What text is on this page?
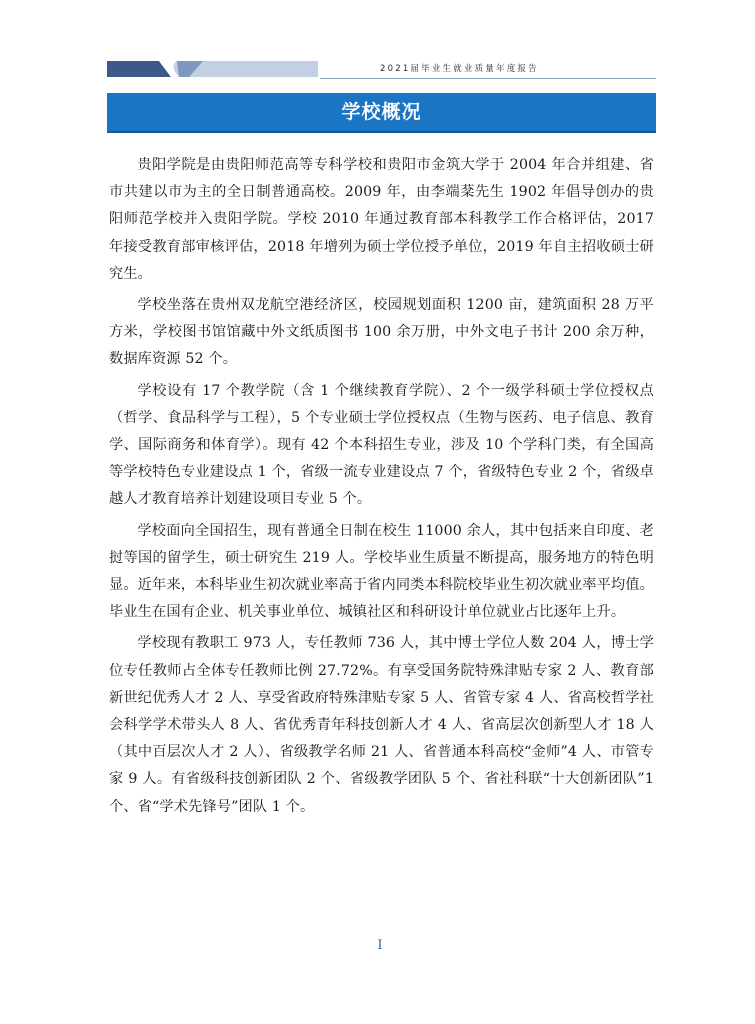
2021届毕业生就业质量年度报告
学校概况

贵阳学院是由贵阳师范高等专科学校和贵阳市金筑大学于 2004 年合并组建、省市共建以市为主的全日制普通高校。2009 年，由李端棻先生 1902 年倡导创办的贵阳师范学校并入贵阳学院。学校 2010 年通过教育部本科教学工作合格评估，2017 年接受教育部审核评估，2018 年增列为硕士学位授予单位，2019 年自主招收硕士研究生。

学校坐落在贵州双龙航空港经济区，校园规划面积 1200 亩，建筑面积 28 万平方米，学校图书馆馆藏中外文纸质图书 100 余万册，中外文电子书计 200 余万种，数据库资源 52 个。

学校设有 17 个教学院（含 1 个继续教育学院）、2 个一级学科硕士学位授权点（哲学、食品科学与工程），5 个专业硕士学位授权点（生物与医药、电子信息、教育学、国际商务和体育学）。现有 42 个本科招生专业，涉及 10 个学科门类，有全国高等学校特色专业建设点 1 个，省级一流专业建设点 7 个，省级特色专业 2 个，省级卓越人才教育培养计划建设项目专业 5 个。

学校面向全国招生，现有普通全日制在校生 11000 余人，其中包括来自印度、老挝等国的留学生，硕士研究生 219 人。学校毕业生质量不断提高，服务地方的特色明显。近年来，本科毕业生初次就业率高于省内同类本科院校毕业生初次就业率平均值。毕业生在国有企业、机关事业单位、城镇社区和科研设计单位就业占比逐年上升。

学校现有教职工 973 人，专任教师 736 人，其中博士学位人数 204 人，博士学位专任教师占全体专任教师比例 27.72%。有享受国务院特殊津贴专家 2 人、教育部新世纪优秀人才 2 人、享受省政府特殊津贴专家 5 人、省管专家 4 人、省高校哲学社会科学学术带头人 8 人、省优秀青年科技创新人才 4 人、省高层次创新型人才 18 人（其中百层次人才 2 人）、省级教学名师 21 人、省普通本科高校“金师”4 人、市管专家 9 人。有省级科技创新团队 2 个、省级教学团队 5 个、省社科联“十大创新团队”1 个、省“学术先锋号”团队 1 个。

I
